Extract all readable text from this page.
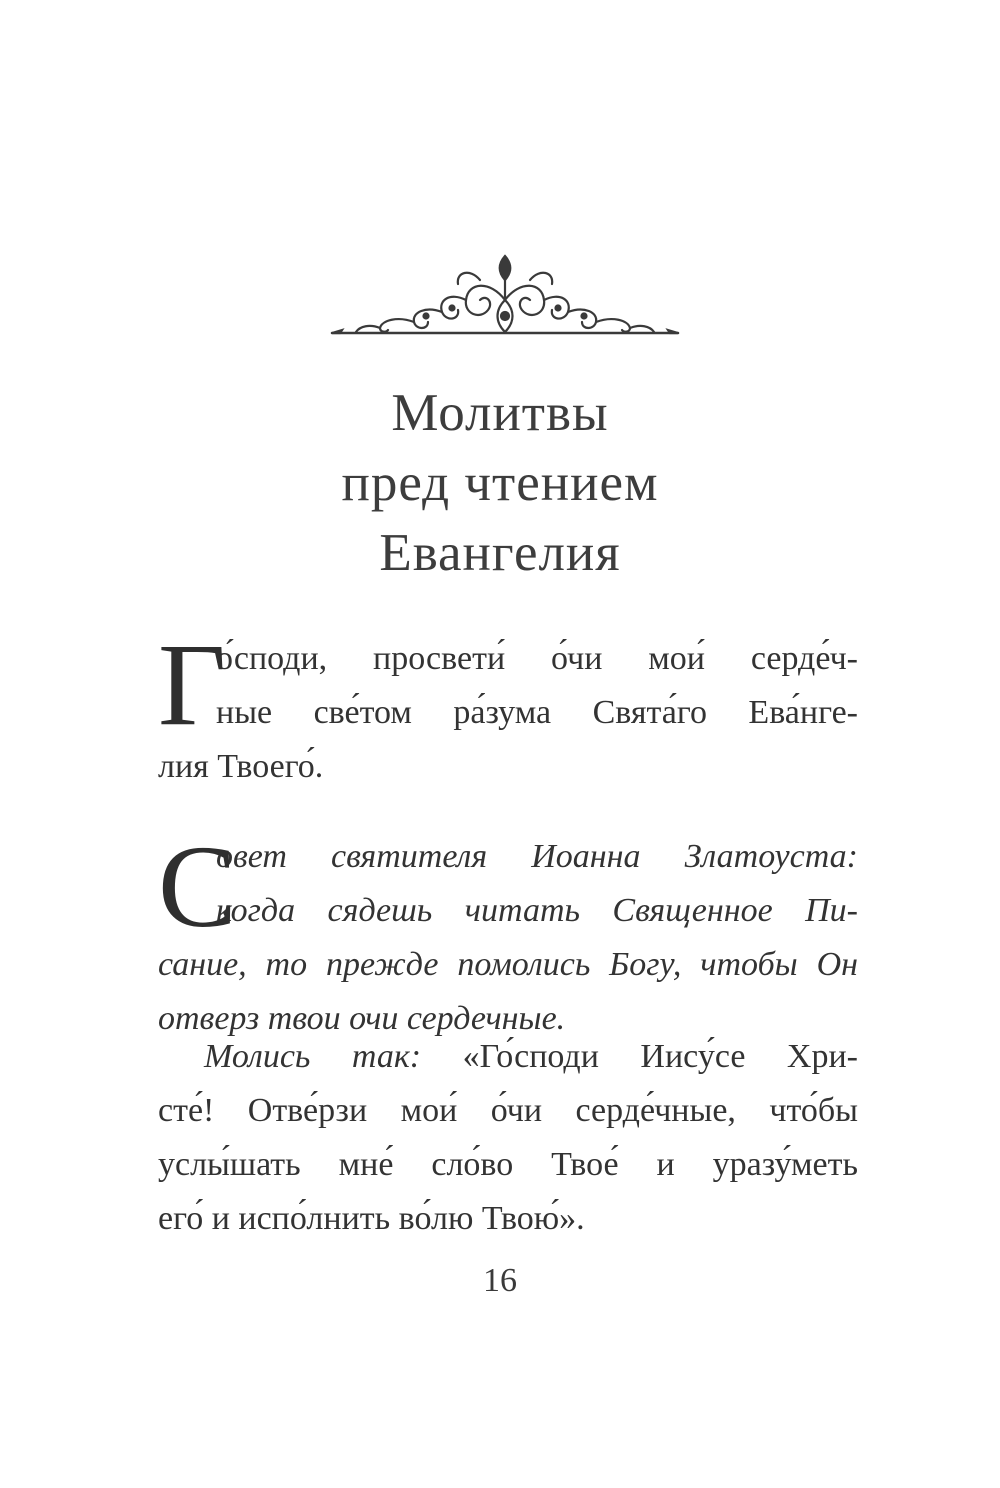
Молитвы
пред чтением
Евангелия
Г
о́споди, просвети́ о́чи мои́ серде́ч-
ные све́том ра́зума Свята́го Ева́нге-
лия Твоего́.
С
овет святителя Иоанна Златоуста:
когда сядешь читать Священное Пи-
сание, то прежде помолись Богу, чтобы Он
отверз твои очи сердечные.
Молись так: «Го́споди Иису́се Хри-
сте́! Отве́рзи мои́ о́чи серде́чные, что́бы
услы́шать мне́ сло́во Твое́ и уразу́меть
его́ и испо́лнить во́лю Твою́».
16
